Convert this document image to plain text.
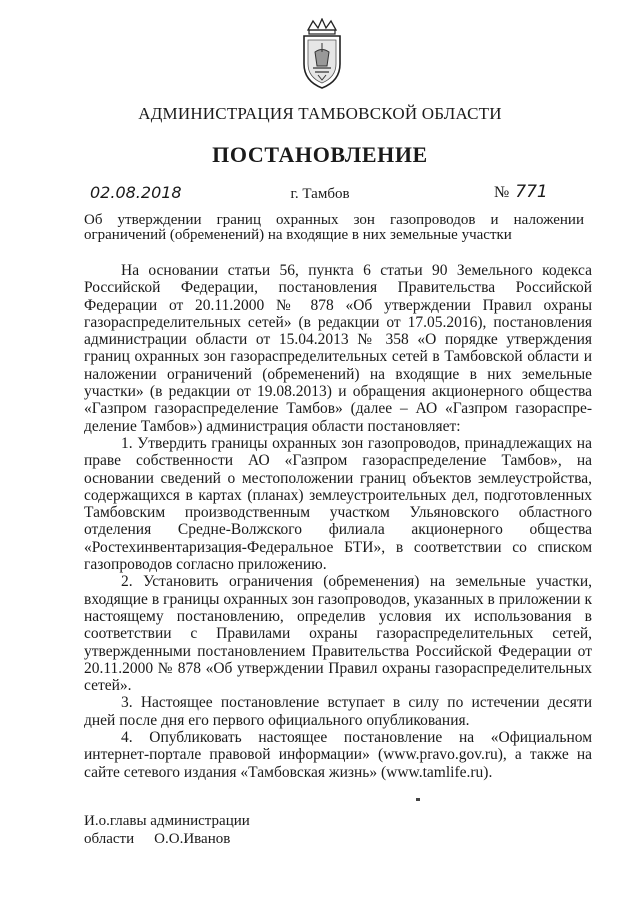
АДМИНИСТРАЦИЯ ТАМБОВСКОЙ ОБЛАСТИ
ПОСТАНОВЛЕНИЕ
02.08.2018	г. Тамбов	№ 771
Об утверждении границ охранных зон газопроводов и наложении ограничений (обременений) на входящие в них земельные участки

На основании статьи 56, пункта 6 статьи 90 Земельного кодекса Российской Федерации, постановления Правительства Российской Федерации от 20.11.2000 № 878 «Об утверждении Правил охраны газораспределительных сетей» (в редакции от 17.05.2016), постановления администрации области от 15.04.2013 № 358 «О порядке утверждения границ охранных зон газораспределительных сетей в Тамбовской области и наложении ограничений (обременений) на входящие в них земельные участки» (в редакции от 19.08.2013) и обращения акционерного общества «Газпром газораспределение Тамбов» (далее – АО «Газпром газораспре-деление Тамбов») администрация области постановляет:

1. Утвердить границы охранных зон газопроводов, принадлежащих на праве собственности АО «Газпром газораспределение Тамбов», на основании сведений о местоположении границ объектов землеустройства, содержащихся в картах (планах) землеустроительных дел, подготовленных Тамбовским производственным участком Ульяновского областного отделения Средне-Волжского филиала акционерного общества «Ростехинвентаризация-Федеральное БТИ», в соответствии со списком газопроводов согласно приложению.

2. Установить ограничения (обременения) на земельные участки, входящие в границы охранных зон газопроводов, указанных в приложении к настоящему постановлению, определив условия их использования в соответствии с Правилами охраны газораспределительных сетей, утвержденными постановлением Правительства Российской Федерации от 20.11.2000 № 878 «Об утверждении Правил охраны газораспределительных сетей».

3. Настоящее постановление вступает в силу по истечении десяти дней после дня его первого официального опубликования.

4. Опубликовать настоящее постановление на «Официальном интернет-портале правовой информации» (www.pravo.gov.ru), а также на сайте сетевого издания «Тамбовская жизнь» (www.tamlife.ru).

И.о.главы администрации
области О.О.Иванов
